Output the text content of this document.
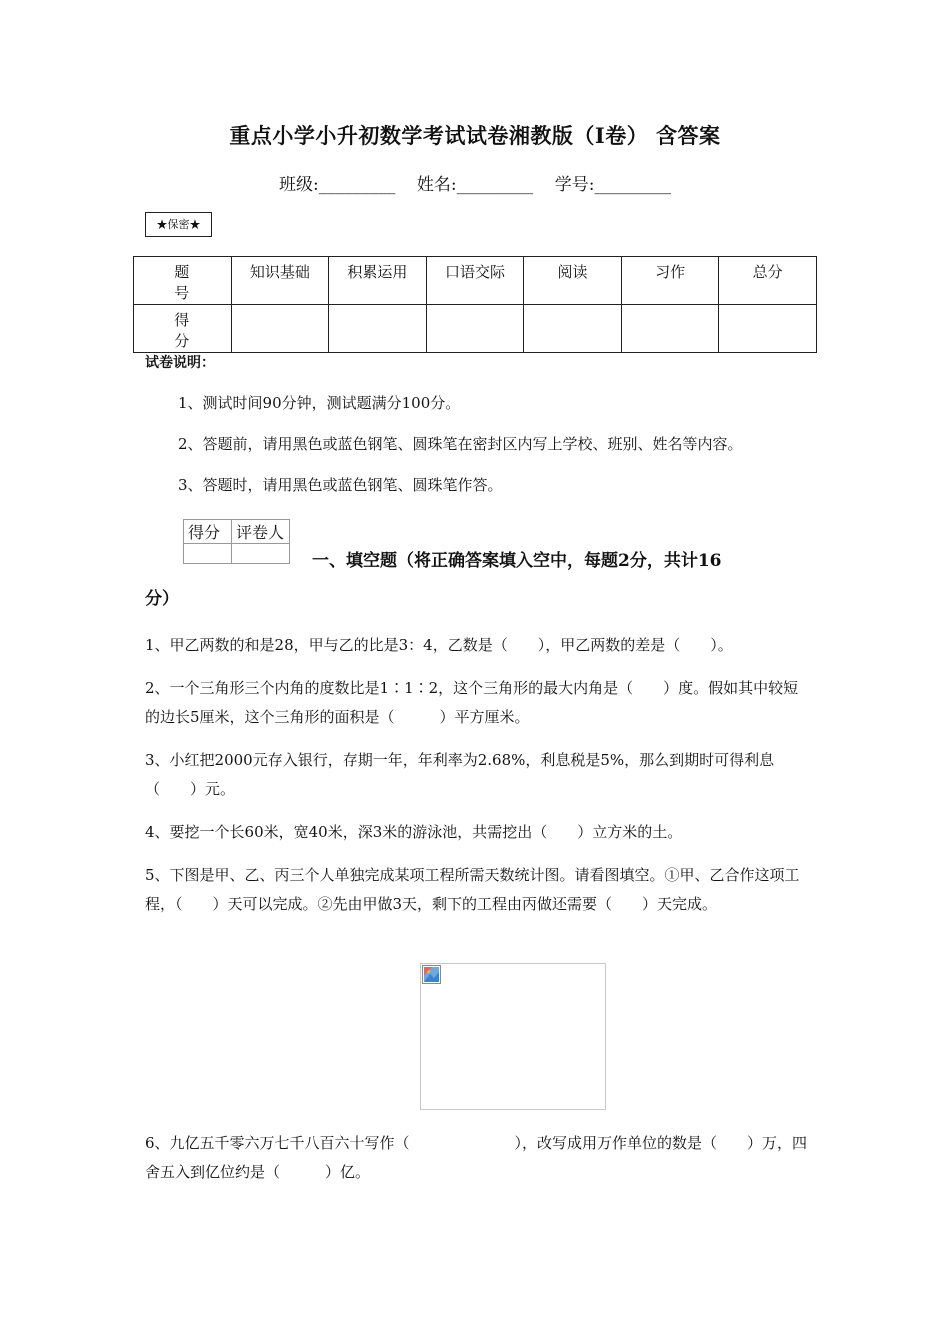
重点小学小升初数学考试试卷湘教版（I卷） 含答案
班级:_________    姓名:_________    学号:_________
★保密★
题 号	知识基础	积累运用	口语交际	阅读	习作	总分
得 分						
试卷说明：
1、测试时间90分钟，测试题满分100分。
2、答题前，请用黑色或蓝色钢笔、圆珠笔在密封区内写上学校、班别、姓名等内容。
3、答题时，请用黑色或蓝色钢笔、圆珠笔作答。
得分	评卷人

一、填空题（将正确答案填入空中，每题2分，共计16
分）
1、甲乙两数的和是28，甲与乙的比是3：4，乙数是（　　），甲乙两数的差是（　　）。
2、一个三角形三个内角的度数比是1∶1∶2，这个三角形的最大内角是（　　）度。假如其中较短的边长5厘米，这个三角形的面积是（　　　）平方厘米。
3、小红把2000元存入银行，存期一年，年利率为2.68%，利息税是5%，那么到期时可得利息（　　）元。
4、要挖一个长60米，宽40米，深3米的游泳池，共需挖出（　　）立方米的土。
5、下图是甲、乙、丙三个人单独完成某项工程所需天数统计图。请看图填空。①甲、乙合作这项工程，（　　）天可以完成。②先由甲做3天，剩下的工程由丙做还需要（　　）天完成。
6、九亿五千零六万七千八百六十写作（　　　　　　　），改写成用万作单位的数是（　　）万，四舍五入到亿位约是（　　　）亿。
